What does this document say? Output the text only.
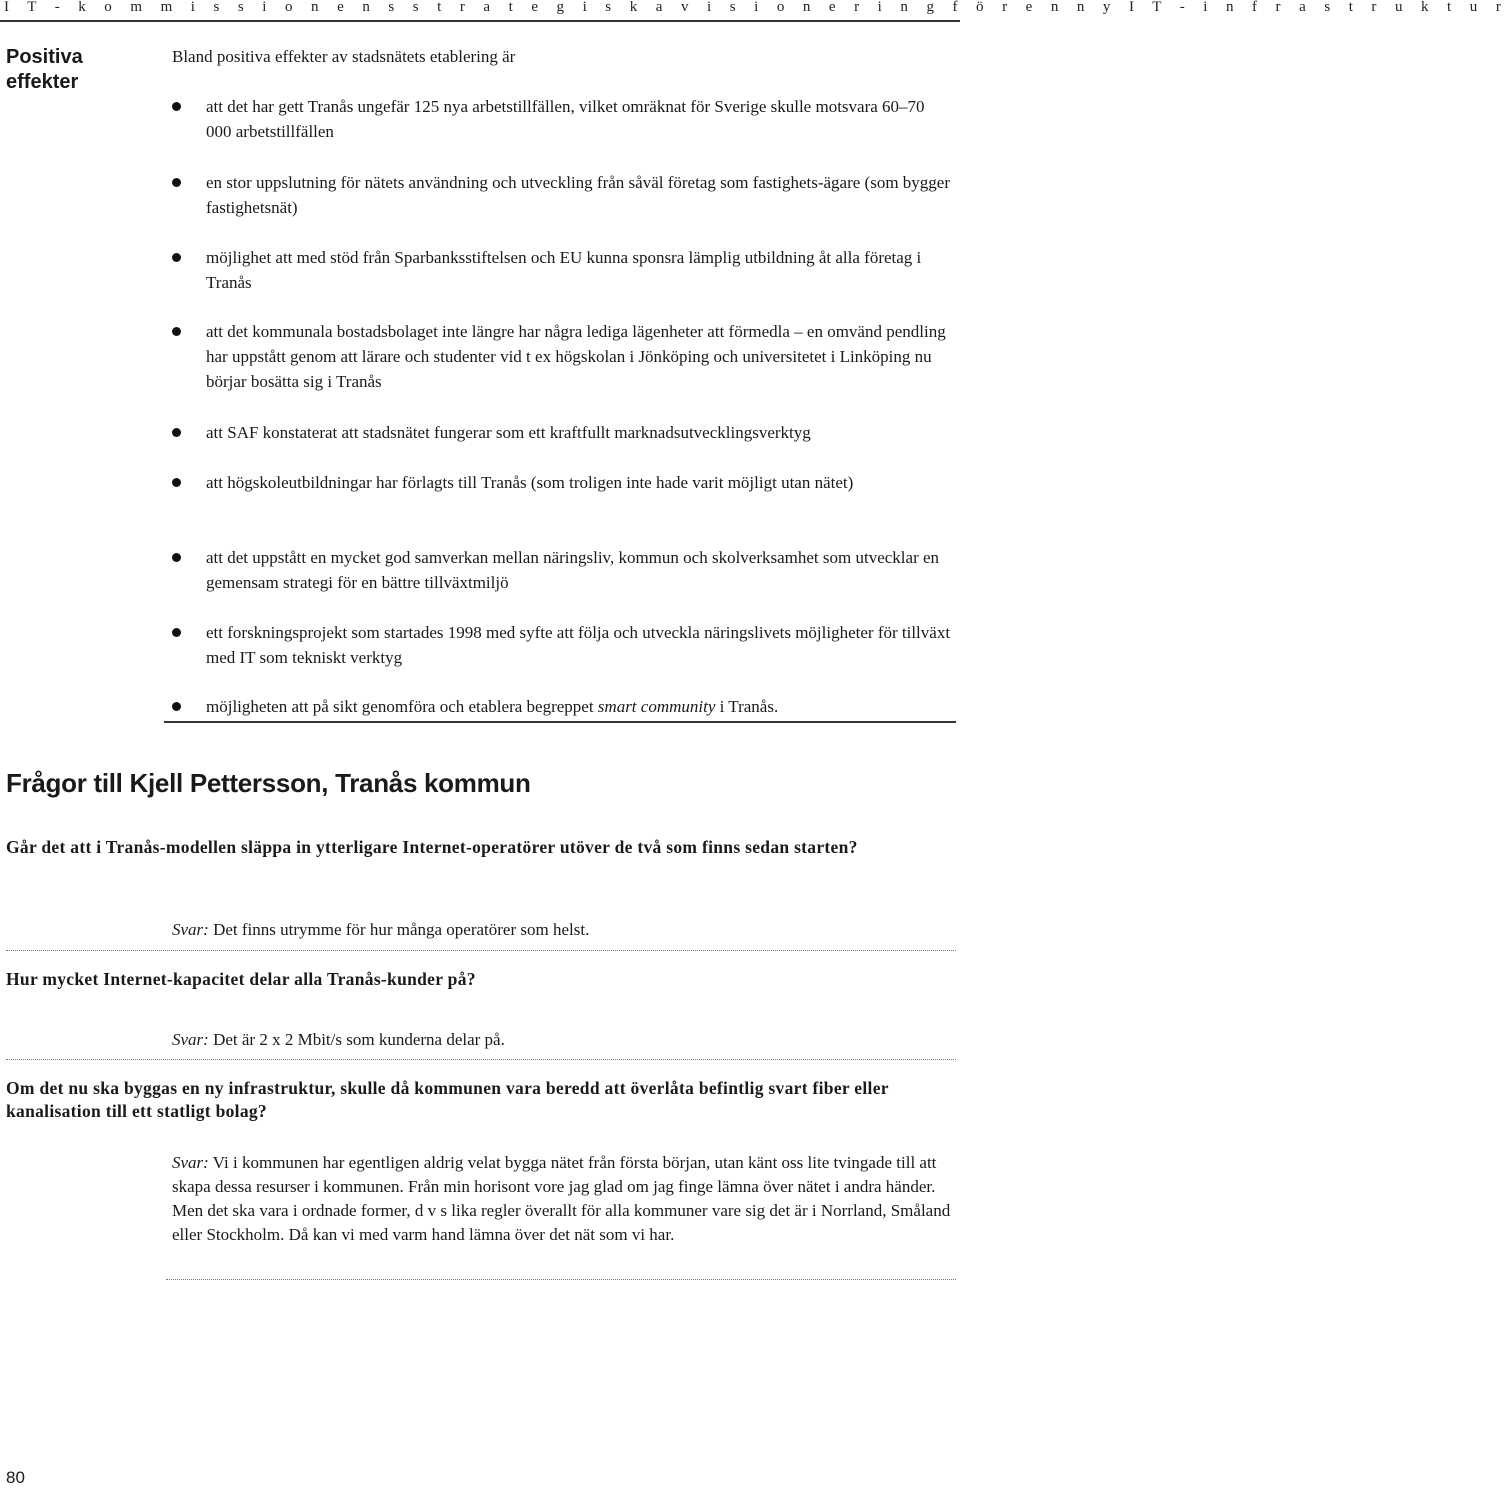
I T - k o m m i s s i o n e n s s t r a t e g i s k a v i s i o n e r i n g f ö r e n n y I T - i n f r a s t r u k t u r
Positiva effekter
Bland positiva effekter av stadsnätets etablering är
att det har gett Tranås ungefär 125 nya arbetstillfällen, vilket omräknat för Sverige skulle motsvara 60–70 000 arbetstillfällen
en stor uppslutning för nätets användning och utveckling från såväl företag som fastighets-ägare (som bygger fastighetsnät)
möjlighet att med stöd från Sparbanksstiftelsen och EU kunna sponsra lämplig utbildning åt alla företag i Tranås
att det kommunala bostadsbolaget inte längre har några lediga lägenheter att förmedla – en omvänd pendling har uppstått genom att lärare och studenter vid t ex högskolan i Jönköping och universitetet i Linköping nu börjar bosätta sig i Tranås
att SAF konstaterat att stadsnätet fungerar som ett kraftfullt marknadsutvecklingsverktyg
att högskoleutbildningar har förlagts till Tranås (som troligen inte hade varit möjligt utan nätet)
att det uppstått en mycket god samverkan mellan näringsliv, kommun och skolverksamhet som utvecklar en gemensam strategi för en bättre tillväxtmiljö
ett forskningsprojekt som startades 1998 med syfte att följa och utveckla näringslivets möjligheter för tillväxt med IT som tekniskt verktyg
möjligheten att på sikt genomföra och etablera begreppet smart community i Tranås.
Frågor till Kjell Pettersson, Tranås kommun
Går det att i Tranås-modellen släppa in ytterligare Internet-operatörer utöver de två som finns sedan starten?
Svar: Det finns utrymme för hur många operatörer som helst.
Hur mycket Internet-kapacitet delar alla Tranås-kunder på?
Svar: Det är 2 x 2 Mbit/s som kunderna delar på.
Om det nu ska byggas en ny infrastruktur, skulle då kommunen vara beredd att överlåta befintlig svart fiber eller kanalisation till ett statligt bolag?
Svar: Vi i kommunen har egentligen aldrig velat bygga nätet från första början, utan känt oss lite tvingade till att skapa dessa resurser i kommunen. Från min horisont vore jag glad om jag finge lämna över nätet i andra händer. Men det ska vara i ordnade former, d v s lika regler överallt för alla kommuner vare sig det är i Norrland, Småland eller Stockholm. Då kan vi med varm hand lämna över det nät som vi har.
80
